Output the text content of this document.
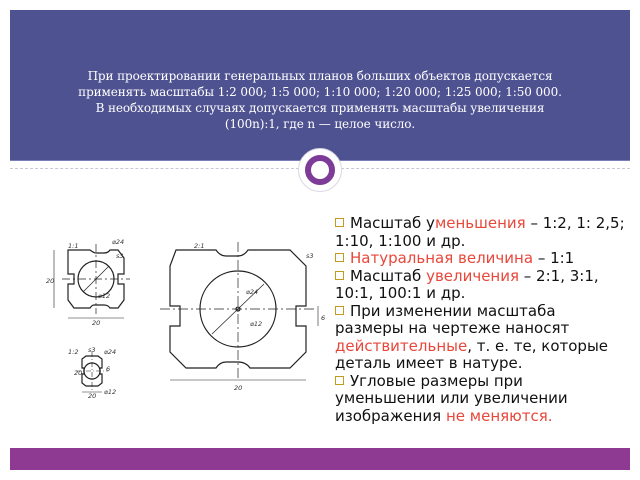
При проектировании генеральных планов больших объектов допускается
применять масштабы 1:2 000; 1:5 000; 1:10 000; 1:20 000; 1:25 000; 1:50 000.
В необходимых случаях допускается применять масштабы увеличения
(100n):1, где n — целое число.
1:1	⌀24
s3
20
20
⌀12
2:1
s3
⌀24
⌀12
20
6
1:2	⌀24
s3
20
20 ⌀12
6

Масштаб уменьшения – 1:2, 1: 2,5; 1:10, 1:100 и др.

Натуральная величина – 1:1

Масштаб увеличения – 2:1, 3:1, 10:1, 100:1 и др.

При изменении масштаба размеры на чертеже наносят действительные, т. е. те, которые деталь имеет в натуре.

Угловые размеры при уменьшении или увеличении изображения не меняются.
